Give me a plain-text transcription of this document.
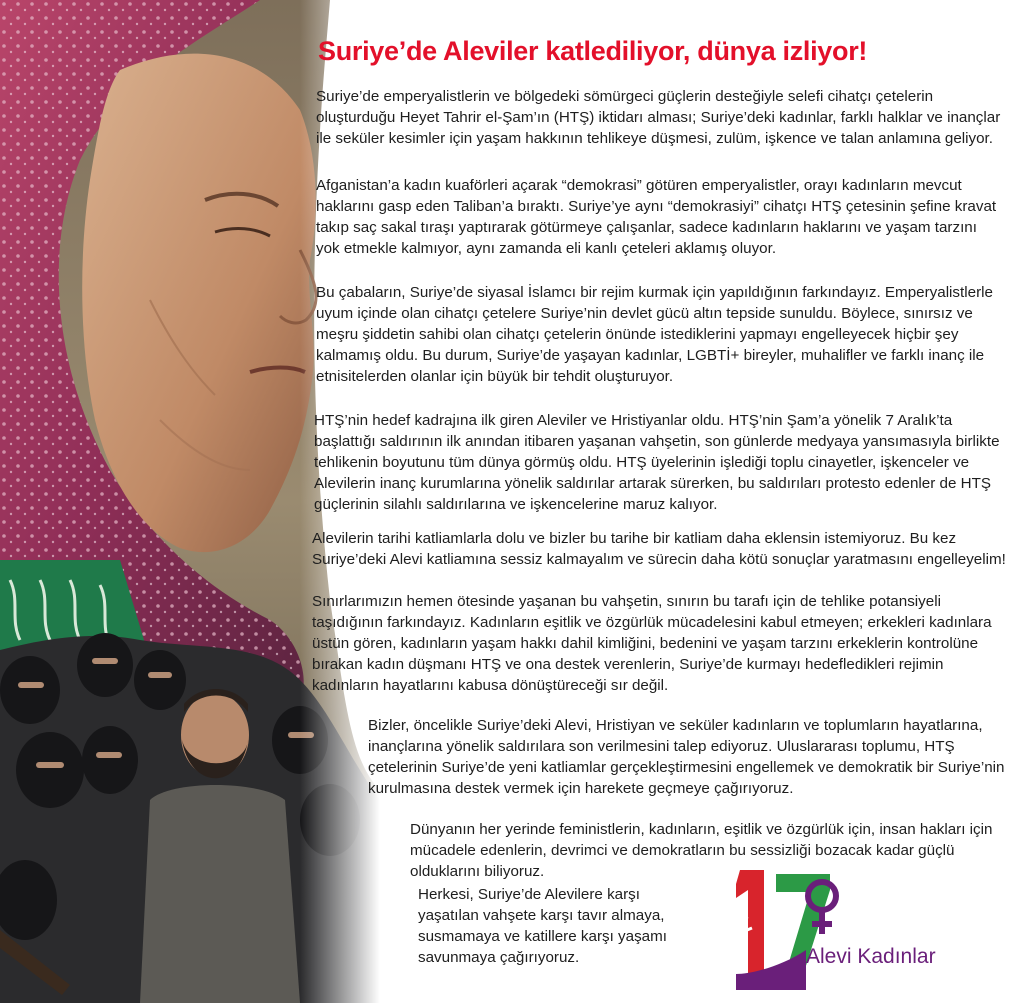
Suriye’de Aleviler katlediliyor, dünya izliyor!

Suriye’de emperyalistlerin ve bölgedeki sömürgeci güçlerin desteğiyle selefi cihatçı çetelerin oluşturduğu Heyet Tahrir el-Şam’ın (HTŞ) iktidarı alması; Suriye’deki kadınlar, farklı halklar ve inançlar ile seküler kesimler için yaşam hakkının tehlikeye düşmesi, zulüm, işkence ve talan anlamına geliyor.

Afganistan’a kadın kuaförleri açarak “demokrasi” götüren emperyalistler, orayı kadınların mevcut haklarını gasp eden Taliban’a bıraktı. Suriye’ye aynı “demokrasiyi” cihatçı HTŞ çetesinin şefine kravat takıp saç sakal tıraşı yaptırarak götürmeye çalışanlar, sadece kadınların haklarını ve yaşam tarzını yok etmekle kalmıyor, aynı zamanda eli kanlı çeteleri aklamış oluyor.

Bu çabaların, Suriye’de siyasal İslamcı bir rejim kurmak için yapıldığının farkındayız. Emperyalistlerle uyum içinde olan cihatçı çetelere Suriye’nin devlet gücü altın tepside sunuldu. Böylece, sınırsız ve meşru şiddetin sahibi olan cihatçı çetelerin önünde istediklerini yapmayı engelleyecek hiçbir şey kalmamış oldu. Bu durum, Suriye’de yaşayan kadınlar, LGBTİ+ bireyler, muhalifler ve farklı inanç ile etnisitelerden olanlar için büyük bir tehdit oluşturuyor.

HTŞ’nin hedef kadrajına ilk giren Aleviler ve Hristiyanlar oldu. HTŞ’nin Şam’a yönelik 7 Aralık’ta başlattığı saldırının ilk anından itibaren yaşanan vahşetin, son günlerde medyaya yansımasıyla birlikte tehlikenin boyutunu tüm dünya görmüş oldu. HTŞ üyelerinin işlediği toplu cinayetler, işkenceler ve Alevilerin inanç kurumlarına yönelik saldırılar artarak sürerken, bu saldırıları protesto edenler de HTŞ güçlerinin silahlı saldırılarına ve işkencelerine maruz kalıyor.

Alevilerin tarihi katliamlarla dolu ve bizler bu tarihe bir katliam daha eklensin istemiyoruz. Bu kez Suriye’deki Alevi katliamına sessiz kalmayalım ve sürecin daha kötü sonuçlar yaratmasını engelleyelim!

Sınırlarımızın hemen ötesinde yaşanan bu vahşetin, sınırın bu tarafı için de tehlike potansiyeli taşıdığının farkındayız. Kadınların eşitlik ve özgürlük mücadelesini kabul etmeyen; erkekleri kadınlara üstün gören, kadınların yaşam hakkı dahil kimliğini, bedenini ve yaşam tarzını erkeklerin kontrolüne bırakan kadın düşmanı HTŞ ve ona destek verenlerin, Suriye’de kurmayı hedefledikleri rejimin kadınların hayatlarını kabusa dönüştüreceği sır değil.

Bizler, öncelikle Suriye’deki Alevi, Hristiyan ve seküler kadınların ve toplumların hayatlarına, inançlarına yönelik saldırılara son verilmesini talep ediyoruz. Uluslararası toplumu, HTŞ çetelerinin Suriye’de yeni katliamlar gerçekleştirmesini engellemek ve demokratik bir Suriye’nin kurulmasına destek vermek için harekete geçmeye çağırıyoruz.

Dünyanın her yerinde feministlerin, kadınların, eşitlik ve özgürlük için, insan hakları için mücadele edenlerin, devrimci ve demokratların bu sessizliği bozacak kadar güçlü olduklarını biliyoruz.

Herkesi, Suriye’de Alevilere karşı yaşatılan vahşete karşı tavır almaya, susmamaya ve katillere karşı yaşamı savunmaya çağırıyoruz.	Alevi Kadınlar
